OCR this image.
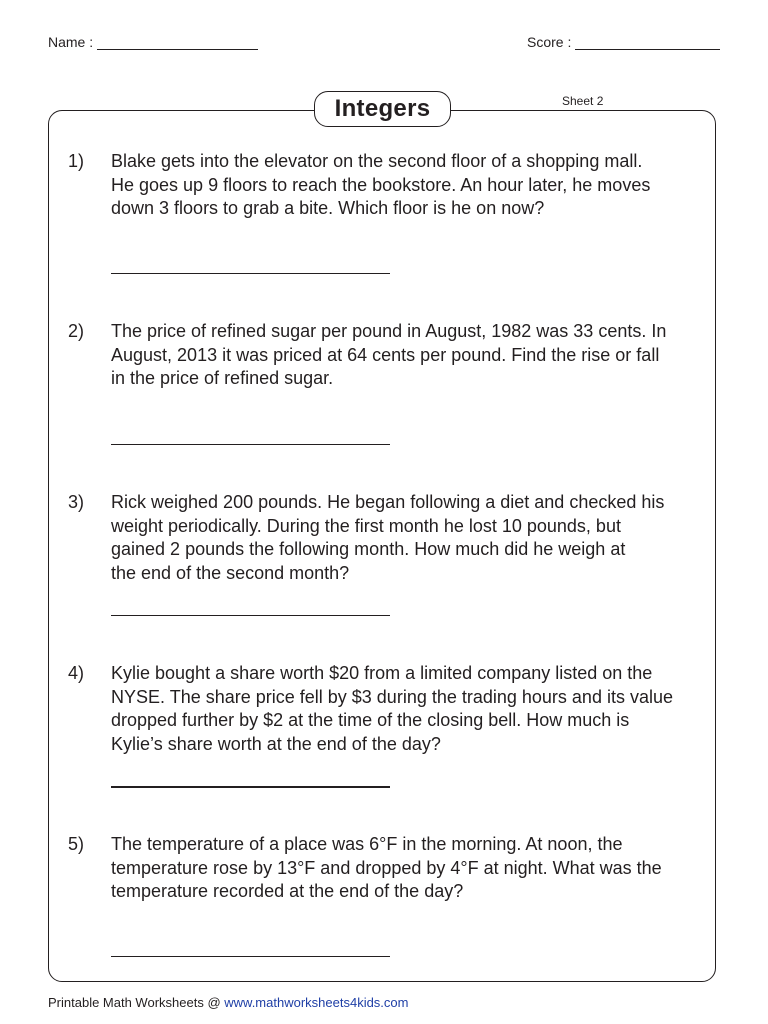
Name :	Score :
Integers	Sheet 2
1) Blake gets into the elevator on the second floor of a shopping mall.
He goes up 9 floors to reach the bookstore. An hour later, he moves
down 3 floors to grab a bite. Which floor is he on now?
2) The price of refined sugar per pound in August, 1982 was 33 cents. In
August, 2013 it was priced at 64 cents per pound. Find the rise or fall
in the price of refined sugar.
3) Rick weighed 200 pounds. He began following a diet and checked his
weight periodically. During the first month he lost 10 pounds, but
gained 2 pounds the following month. How much did he weigh at
the end of the second month?
4) Kylie bought a share worth $20 from a limited company listed on the
NYSE. The share price fell by $3 during the trading hours and its value
dropped further by $2 at the time of the closing bell. How much is
Kylie’s share worth at the end of the day?
5) The temperature of a place was 6°F in the morning. At noon, the
temperature rose by 13°F and dropped by 4°F at night. What was the
temperature recorded at the end of the day?
Printable Math Worksheets @ www.mathworksheets4kids.com
